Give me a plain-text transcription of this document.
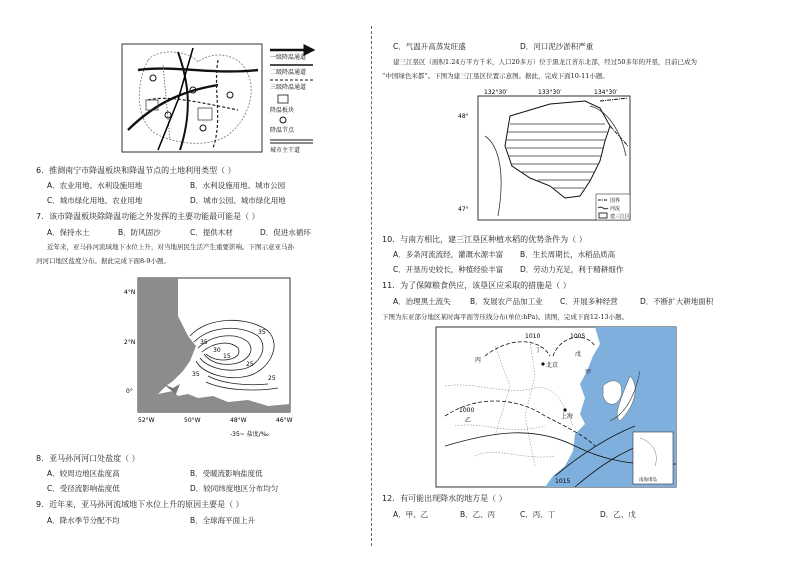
一级降温通道
二级降温通道
三级降温通道
降温板块
降温节点
城市主干道
6．推测南宁市降温板块和降温节点的土地利用类型（ ）
A．农业用地、水利设施用地	B．水利设施用地、城市公园
C．城市绿化用地、农业用地	D．城市公园、城市绿化用地
7．该市降温板块除降温功能之外发挥的主要功能最可能是（ ）
A．保持水土	B．防风固沙	C．提供木材	D．促进水循环
近年来，亚马孙河流域地下水位上升，对当地居民生活产生重要影响。下图示意亚马孙
河河口地区盐度分布。据此完成下面8-9小题。
4°N
2°N
0°
52°W	50°W	48°W	46°W
35
30
25
15
35
35
25
-35~ 盐度/‰
8．亚马孙河河口处盐度（ ）
A．较周边地区盐度高	B．受暖流影响盐度低
C．受径流影响盐度低	D．较同纬度地区分布均匀
9．近年来，亚马孙河流域地下水位上升的原因主要是（ ）
A．降水季节分配不均	B．全球海平面上升
C．气温升高蒸发旺盛	D．河口泥沙淤积严重
建三江垦区（面积1.24万平方千米，人口20多万）位于黑龙江省东北部，经过50多年的开垦，目前已成为
“中国绿色米都”。下图为建三江垦区位置示意图。据此，完成下面10-11小题。
132°30′	133°30′	134°30′
48°
47°
国界
河流
建三江区
10．与南方相比，建三江垦区种植水稻的优势条件为（ ）
A．多条河流流经，灌溉水源丰富 B．生长周期长，水稻品质高
C．开垦历史较长，种植经验丰富 D．劳动力充足，利于精耕细作
11．为了保障粮食供应，该垦区应采取的措施是（ ）
A．治理黑土流失	B．发展农产品加工业 C．开展多种经营	D．不断扩大耕地面积
下图为东亚部分地区某时海平面等压线分布(单位:hPa)。读图，完成下面12-13小题。
1010	1005
1000
1015
北京
上海
甲
乙
丙
丁
戊
南海诸岛
12．有可能出现降水的地方是（ ）
A．甲、乙	B．乙、丙	C．丙、丁	D．乙、戊
